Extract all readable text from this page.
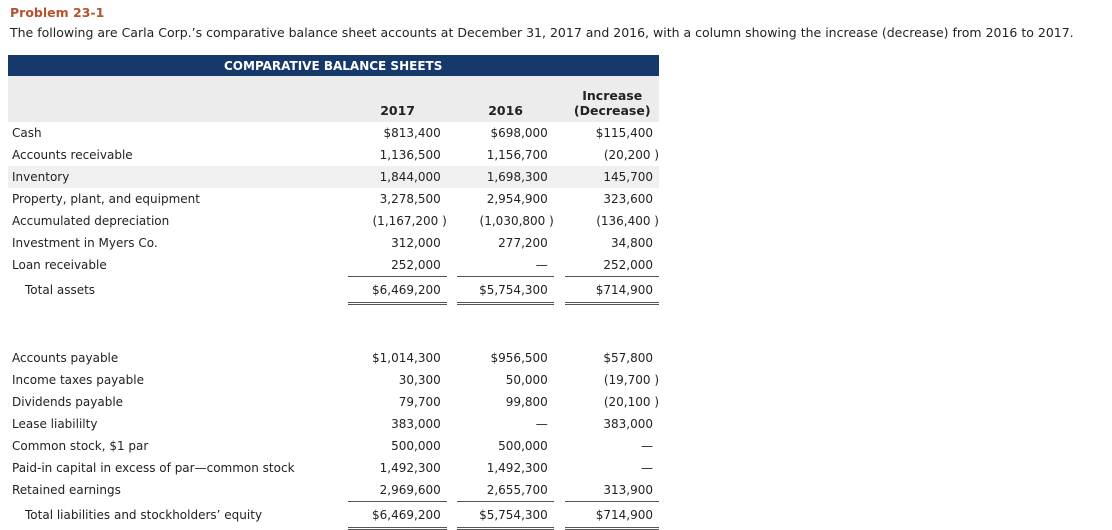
Problem 23-1
The following are Carla Corp.’s comparative balance sheet accounts at December 31, 2017 and 2016, with a column showing the increase (decrease) from 2016 to 2017.
COMPARATIVE BALANCE SHEETS					
	2017		2016		Increase
(Decrease)

Cash	$813,400		$698,000		$115,400
Accounts receivable	1,136,500		1,156,700		(20,200 )
Inventory	1,844,000		1,698,300		145,700
Property, plant, and equipment	3,278,500		2,954,900		323,600
Accumulated depreciation	(1,167,200 )		(1,030,800 )		(136,400 )
Investment in Myers Co.	312,000		277,200		34,800
Loan receivable	252,000		—		252,000
Total assets	$6,469,200		$5,754,300		$714,900

Accounts payable	$1,014,300		$956,500		$57,800
Income taxes payable	30,300		50,000		(19,700 )
Dividends payable	79,700		99,800		(20,100 )
Lease liabililty	383,000		—		383,000
Common stock, $1 par	500,000		500,000		—
Paid-in capital in excess of par—common stock	1,492,300		1,492,300		—
Retained earnings	2,969,600		2,655,700		313,900
Total liabilities and stockholders’ equity	$6,469,200		$5,754,300		$714,900
